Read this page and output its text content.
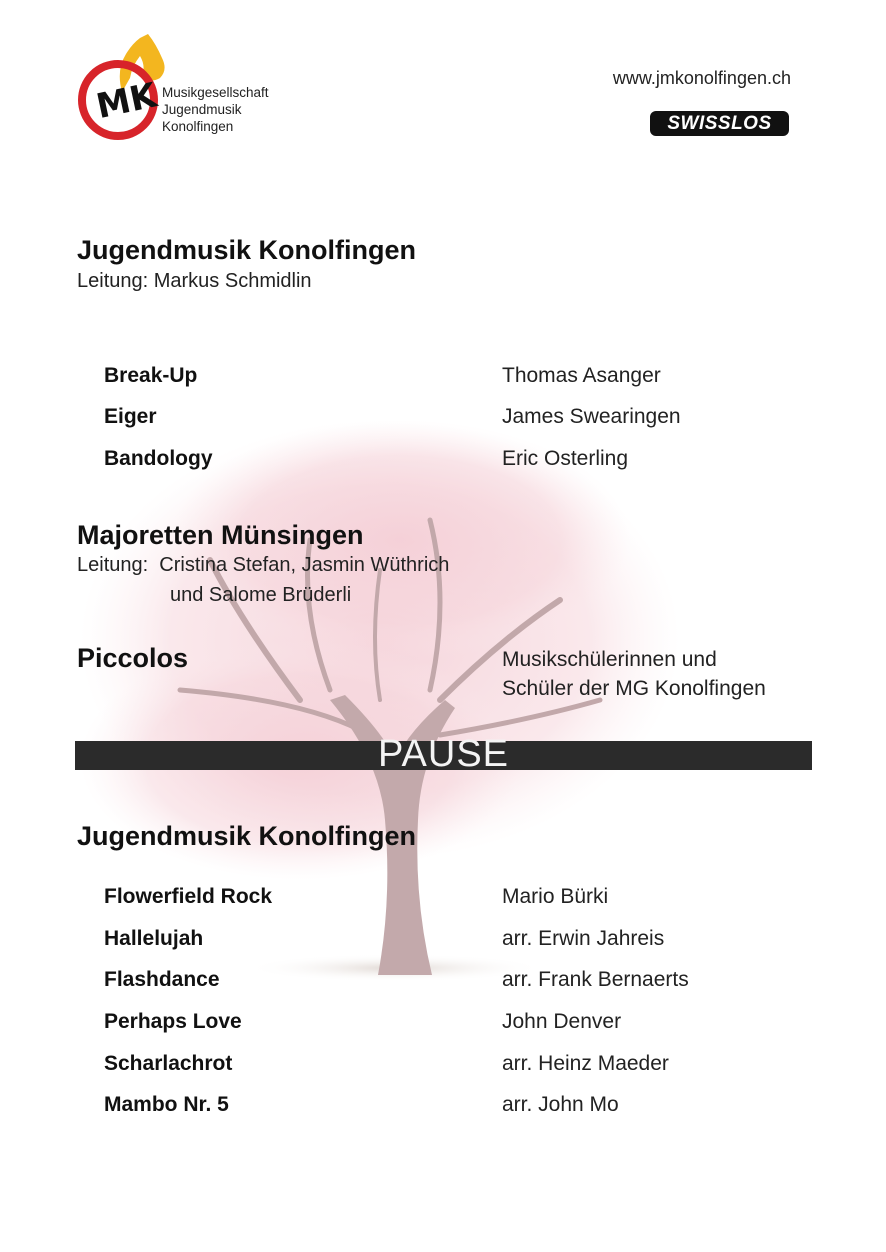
MK Musikgesellschaft
Jugendmusik
Konolfingen
www.jmkonolfingen.ch
SWISSLOS
Jugendmusik Konolfingen
Leitung: Markus Schmidlin
Break-Up	Thomas Asanger
Eiger	James Swearingen
Bandology	Eric Osterling
Majoretten Münsingen
Leitung:  Cristina Stefan, Jasmin Wüthrich
und Salome Brüderli
Piccolos	Musikschülerinnen und
Schüler der MG Konolfingen
PAUSE
Jugendmusik Konolfingen
Flowerfield Rock	Mario Bürki
Hallelujah	arr. Erwin Jahreis
Flashdance	arr. Frank Bernaerts
Perhaps Love	John Denver
Scharlachrot	arr. Heinz Maeder
Mambo Nr. 5	arr. John Mo
